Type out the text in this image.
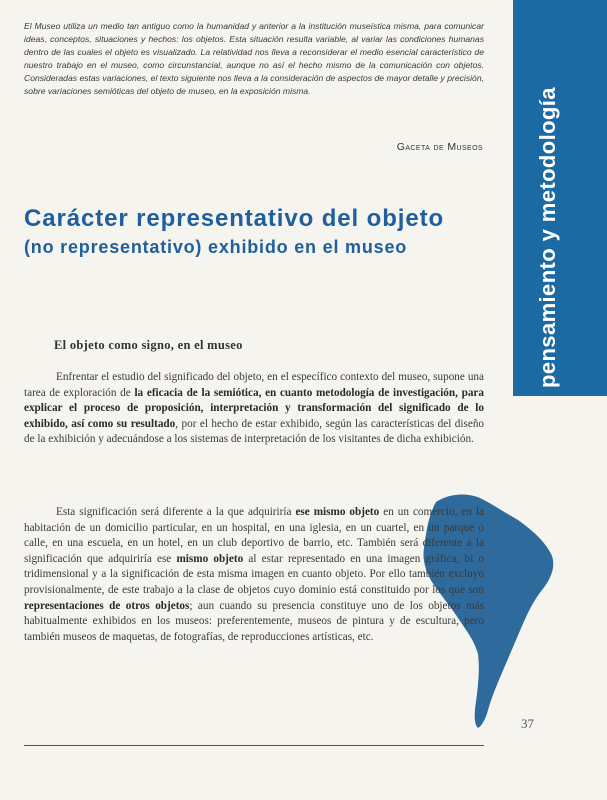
El Museo utiliza un medio tan antiguo como la humanidad y anterior a la institución museística misma, para comunicar ideas, conceptos, situaciones y hechos: los objetos. Esta situación resulta variable, al variar las condiciones humanas dentro de las cuales el objeto es visualizado. La relatividad nos lleva a reconsiderar el medio esencial característico de nuestro trabajo en el museo, como circunstancial, aunque no así el hecho mismo de la comunicación con objetos. Consideradas estas variaciones, el texto siguiente nos lleva a la consideración de aspectos de mayor detalle y precisión, sobre variaciones semióticas del objeto de museo, en la exposición misma.

Gaceta de Museos pensamiento y metodología
Carácter representativo del objeto
(no representativo) exhibido en el museo
El objeto como signo, en el museo

Enfrentar el estudio del significado del objeto, en el específico contexto del museo, supone una tarea de exploración de la eficacia de la semiótica, en cuanto metodología de investigación, para explicar el proceso de proposición, interpretación y transformación del significado de lo exhibido, así como su resultado, por el hecho de estar exhibido, según las características del diseño de la exhibición y adecuándose a los sistemas de interpretación de los visitantes de dicha exhibición.

Esta significación será diferente a la que adquiriría ese mismo objeto en un comercio, en la habitación de un domicilio particular, en un hospital, en una iglesia, en un cuartel, en un parque o calle, en una escuela, en un hotel, en un club deportivo de barrio, etc. También será diferente a la significación que adquiriría ese mismo objeto al estar representado en una imagen gráfica, bi o tridimensional y a la significación de esta misma imagen en cuanto objeto. Por ello también excluyo provisionalmente, de este trabajo a la clase de objetos cuyo dominio está constituido por los que son representaciones de otros objetos; aun cuando su presencia constituye uno de los objetos más habitualmente exhibidos en los museos: preferentemente, museos de pintura y de escultura, pero también museos de maquetas, de fotografías, de reproducciones artísticas, etc.

37
